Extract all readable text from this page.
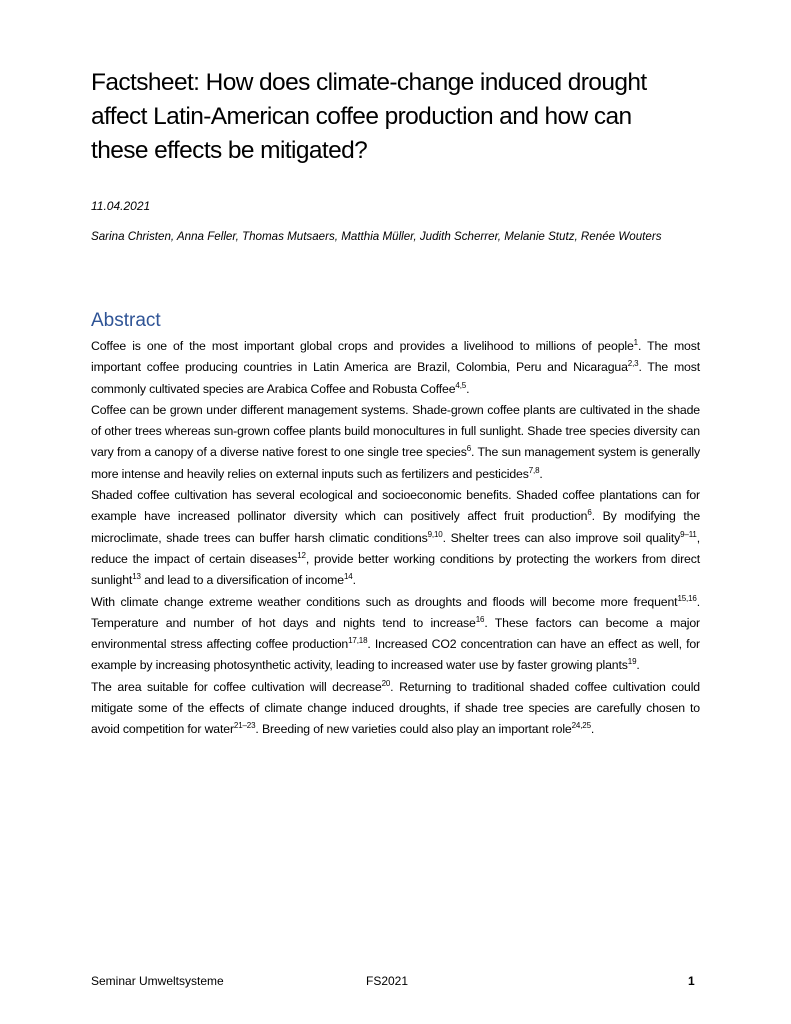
Factsheet: How does climate-change induced drought affect Latin-American coffee production and how can these effects be mitigated?
11.04.2021
Sarina Christen, Anna Feller, Thomas Mutsaers, Matthia Müller, Judith Scherrer, Melanie Stutz, Renée Wouters
Abstract

Coffee is one of the most important global crops and provides a livelihood to millions of people$^1$. The most important coffee producing countries in Latin America are Brazil, Colombia, Peru and Nicaragua$^{2,3}$. The most commonly cultivated species are Arabica Coffee and Robusta Coffee$^{4,5}$.

Coffee can be grown under different management systems. Shade-grown coffee plants are cultivated in the shade of other trees whereas sun-grown coffee plants build monocultures in full sunlight. Shade tree species diversity can vary from a canopy of a diverse native forest to one single tree species$^6$. The sun management system is generally more intense and heavily relies on external inputs such as fertilizers and pesticides$^{7,8}$.

Shaded coffee cultivation has several ecological and socioeconomic benefits. Shaded coffee plantations can for example have increased pollinator diversity which can positively affect fruit production$^6$. By modifying the microclimate, shade trees can buffer harsh climatic conditions$^{9,10}$. Shelter trees can also improve soil quality$^{9-11}$, reduce the impact of certain diseases$^{12}$, provide better working conditions by protecting the workers from direct sunlight$^{13}$ and lead to a diversification of income$^{14}$.

With climate change extreme weather conditions such as droughts and floods will become more frequent$^{15,16}$. Temperature and number of hot days and nights tend to increase$^{16}$. These factors can become a major environmental stress affecting coffee production$^{17,18}$. Increased CO2 concentration can have an effect as well, for example by increasing photosynthetic activity, leading to increased water use by faster growing plants$^{19}$.

The area suitable for coffee cultivation will decrease$^{20}$. Returning to traditional shaded coffee cultivation could mitigate some of the effects of climate change induced droughts, if shade tree species are carefully chosen to avoid competition for water$^{21-23}$. Breeding of new varieties could also play an important role$^{24,25}$.

Seminar Umweltsysteme	FS2021	1
